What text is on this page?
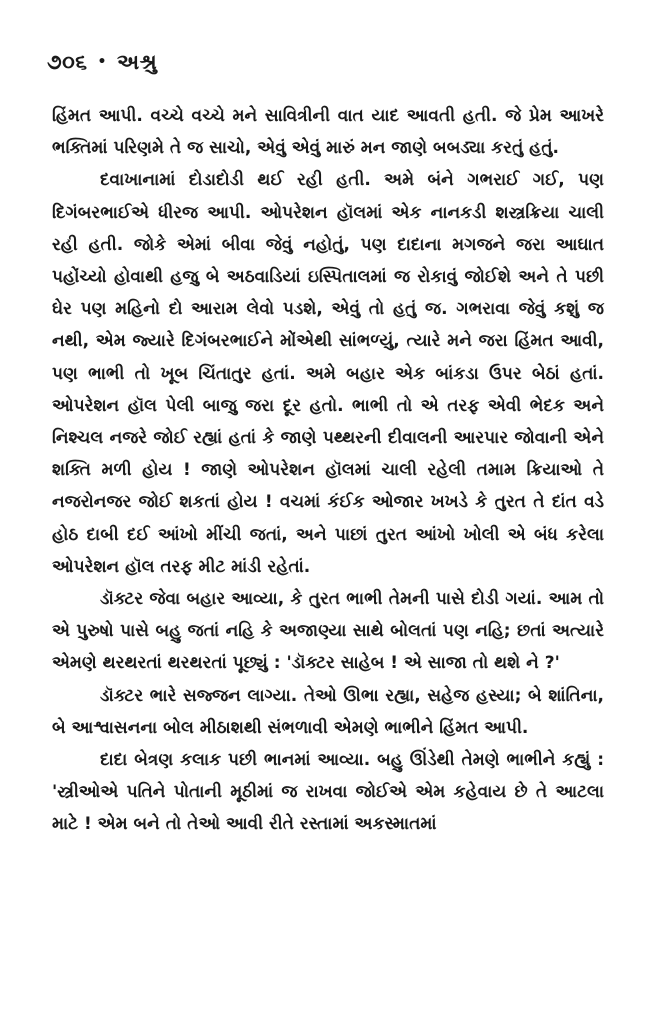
૭૦૬ • અશ્રુ

હિંમત આપી. વચ્ચે વચ્ચે મને સાવિત્રીની વાત યાદ આવતી હતી. જે પ્રેમ આખરે ભક્તિમાં પરિણમે તે જ સાચો, એવું એવું મારું મન જાણે બબડ્યા કરતું હતું.

દવાખાનામાં દોડાદોડી થઈ રહી હતી. અમે બંને ગભરાઈ ગઈ, પણ દિગંબરભાઈએ ધીરજ આપી. ઓપરેશન હૉલમાં એક નાનકડી શસ્ત્રક્રિયા ચાલી રહી હતી. જોકે એમાં બીવા જેવું નહોતું, પણ દાદાના મગજને જરા આઘાત પહોંચ્યો હોવાથી હજુ બે અઠવાડિયાં ઇસ્પિતાલમાં જ રોકાવું જોઈશે અને તે પછી ઘેર પણ મહિનો દો આરામ લેવો પડશે, એવું તો હતું જ. ગભરાવા જેવું કશું જ નથી, એમ જ્યારે દિગંબરભાઈને મોંએથી સાંભળ્યું, ત્યારે મને જરા હિંમત આવી, પણ ભાભી તો ખૂબ ચિંતાતુર હતાં. અમે બહાર એક બાંકડા ઉપર બેઠાં હતાં. ઓપરેશન હૉલ પેલી બાજુ જરા દૂર હતો. ભાભી તો એ તરફ એવી ભેદક અને નિશ્ચલ નજરે જોઈ રહ્યાં હતાં કે જાણે પથ્થરની દીવાલની આરપાર જોવાની એને શક્તિ મળી હોય ! જાણે ઓપરેશન હૉલમાં ચાલી રહેલી તમામ ક્રિયાઓ તે નજરોનજર જોઈ શકતાં હોય ! વચમાં કંઈક ઓજાર ખખડે કે તુરત તે દાંત વડે હોઠ દાબી દઈ આંખો મીંચી જતાં, અને પાછાં તુરત આંખો ખોલી એ બંધ કરેલા ઓપરેશન હૉલ તરફ મીટ માંડી રહેતાં.

ડૉક્ટર જેવા બહાર આવ્યા, કે તુરત ભાભી તેમની પાસે દોડી ગયાં. આમ તો એ પુરુષો પાસે બહુ જતાં નહિ કે અજાણ્યા સાથે બોલતાં પણ નહિ; છતાં અત્યારે એમણે થરથરતાં થરથરતાં પૂછ્યું : 'ડૉક્ટર સાહેબ ! એ સાજા તો થશે ને ?'

ડૉક્ટર ભારે સજ્જન લાગ્યા. તેઓ ઊભા રહ્યા, સહેજ હસ્યા; બે શાંતિના, બે આશ્વાસનના બોલ મીઠાશથી સંભળાવી એમણે ભાભીને હિંમત આપી.

દાદા બેત્રણ કલાક પછી ભાનમાં આવ્યા. બહુ ઊંડેથી તેમણે ભાભીને કહ્યું : 'સ્ત્રીઓએ પતિને પોતાની મૂઠીમાં જ રાખવા જોઈએ એમ કહેવાય છે તે આટલા માટે ! એમ બને તો તેઓ આવી રીતે રસ્તામાં અકસ્માતમાં
